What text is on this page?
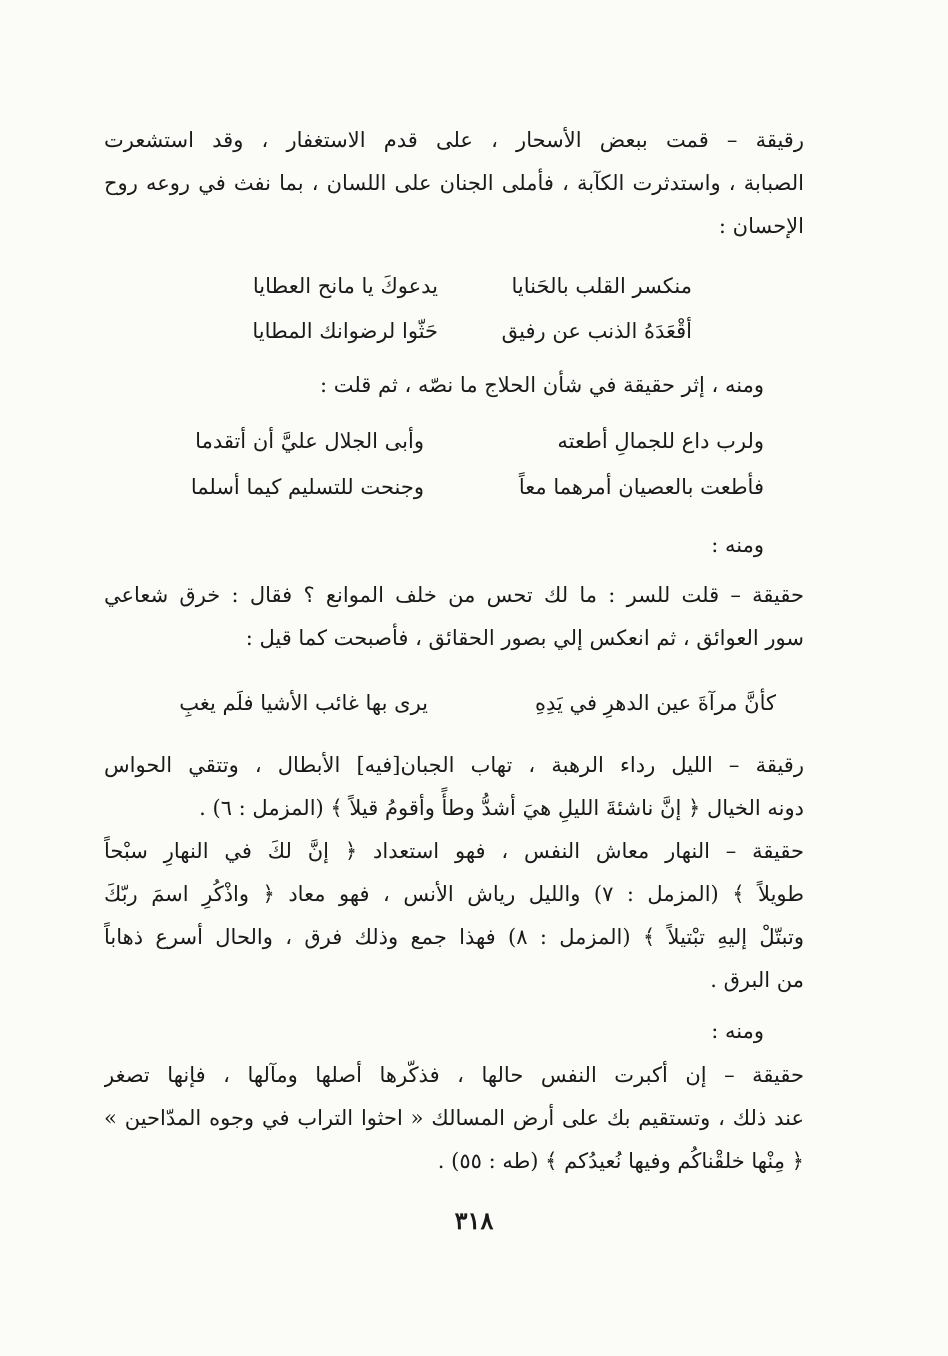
رقيقة – قمت ببعض الأسحار ، على قدم الاستغفار ، وقد استشعرت
الصبابة ، واستدثرت الكآبة ، فأملى الجنان على اللسان ، بما نفث في روعه روح
الإحسان :
منكسر القلب بالحَنايا
يدعوكَ يا مانح العطايا
أقْعَدَهُ الذنب عن رفيق
حَثّوا لرضوانك المطايا
ومنه ، إثر حقيقة في شأن الحلاج ما نصّه ، ثم قلت :
ولرب داع للجمالِ أطعته
وأبى الجلال عليَّ أن أتقدما
فأطعت بالعصيان أمرهما معاً
وجنحت للتسليم كيما أسلما
ومنه :
حقيقة – قلت للسر : ما لك تحس من خلف الموانع ؟ فقال : خرق شعاعي
سور العوائق ، ثم انعكس إلي بصور الحقائق ، فأصبحت كما قيل :
كأنَّ مرآةَ عين الدهرِ في يَدِهِ
يرى بها غائب الأشيا فلَم يغبِ
رقيقة – الليل رداء الرهبة ، تهاب الجبان[فيه] الأبطال ، وتتقي الحواس
دونه الخيال ﴿ إنَّ ناشئةَ الليلِ هيَ أشدُّ وطأً وأقومُ قيلاً ﴾ (المزمل : ٦) .
حقيقة – النهار معاش النفس ، فهو استعداد ﴿ إنَّ لكَ في النهارِ سبْحاً
طويلاً ﴾ (المزمل : ٧) والليل رياش الأنس ، فهو معاد ﴿ واذْكُرِ اسمَ ربّكَ
وتبتّلْ إليهِ تبْتيلاً ﴾ (المزمل : ٨) فهذا جمع وذلك فرق ، والحال أسرع ذهاباً
من البرق .
ومنه :
حقيقة – إن أكبرت النفس حالها ، فذكّرها أصلها ومآلها ، فإنها تصغر
عند ذلك ، وتستقيم بك على أرض المسالك « احثوا التراب في وجوه المدّاحين »
﴿ مِنْها خلقْناكُم وفيها نُعيدُكم ﴾ (طه : ٥٥) .
٣١٨
